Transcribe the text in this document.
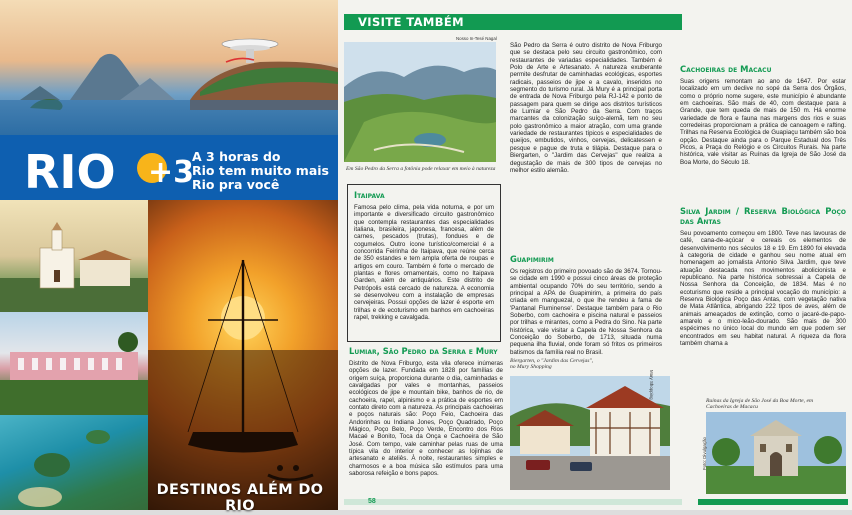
RIO +3
A 3 horas do
Rio tem muito mais
Rio pra você
DESTINOS ALÉM DO RIO
VISITE TAMBÉM
Nosso In-Tesé Nagal
Em São Pedro da Serra a fotônia pode relaxar em meio à natureza
Itaipava
Famosa pelo clima, pela vida noturna, e por um importante e diversificado circuito gastronômico que contempla restaurantes das especialidades italiana, brasileira, japonesa, francesa, além de carnes, pescados (trutas), fondues e de cogumelos. Outro ícone turístico/comercial é a concorrida Feirinha de Itaipava, que reúne cerca de 350 estandes e tem ampla oferta de roupas e artigos em couro. Também é forte o mercado de plantas e flores ornamentais, como no Itaipava Garden, além de antiquários. Este distrito de Petrópolis está cercado de natureza. A economia se desenvolveu com a instalação de empresas cervejeiras. Possui opções de lazer é esporte em trilhas e de ecoturismo em banhos em cachoeiras rapel, trekking e cavalgada.
Lumiar, São Pedro da Serra e Mury

Distrito de Nova Friburgo, esta vila oferece inúmeras opções de lazer. Fundada em 1828 por famílias de origem suíça, proporciona durante o dia, caminhadas e cavalgadas por vales e montanhas, passeios ecológicos de jipe e mountain bike, banhos de rio, de cachoeira, rapel, alpinismo e a prática de esportes em contato direto com a natureza. As principais cachoeiras e poços naturais são: Poço Feio, Cachoeira das Andorinhas ou Indiana Jones, Poço Quadrado, Poço Mágico, Poço Belo, Poço Verde, Encontro dos Rios Macaé e Bonito, Toca da Onça e Cachoeira de São José. Com tempo, vale caminhar pelas ruas de uma típica vila do interior e conhecer as lojinhas de artesanato e ateliês. À noite, restaurantes simples e charmosos e a boa música são estímulos para uma saborosa refeição e bons papos.

São Pedro da Serra é outro distrito de Nova Friburgo que se destaca pelo seu circuito gastronômico, com restaurantes de variadas especialidades. Também é Polo de Arte e Artesanato. A natureza exuberante permite desfrutar de caminhadas ecológicas, esportes radicais, passeios de jipe e a cavalo, inseridos no segmento do turismo rural. Já Mury é a principal porta de entrada de Nova Friburgo pela RJ-142 e ponto de passagem para quem se dirige aos distritos turísticos de Lumiar e São Pedro da Serra. Com traços marcantes da colonização suíço-alemã, tem no seu polo gastronômico a maior atração, com uma grande variedade de restaurantes típicos e especialidades de queijos, embutidos, vinhos, cervejas, delicatessen e pesque e pague de truta e tilápia. Destaque para o Biergarten, o "Jardim das Cervejas" que realiza a degustação de mais de 300 tipos de cervejas no melhor estilo alemão.

Guapimirim

Os registros do primeiro povoado são de 3674. Tornou-se cidade em 1990 e possui cinco áreas de proteção ambiental ocupando 70% do seu território, sendo a principal a APA de Guapimirim, a primeira do país criada em manguezal, o que lhe rendeu a fama de 'Pantanal Fluminense'. Destaque também para o Rio Soberbo, com cachoeira e piscina natural e passeios por trilhas e mirantes, como a Pedra do Sino. Na parte histórica, vale visitar a Capela de Nossa Senhora da Conceição do Soberbo, de 1713, situada numa pequena ilha fluvial, onde foram só fritos os primeiros batismos da família real no Brasil.

Biergarten, o "Jardim das Cervejas", no Mury Shopping
Mary Shopping
Cachoeiras de Macacu

Suas origens remontam ao ano de 1647. Por estar localizado em um declive no sopé da Serra dos Órgãos, como o próprio nome sugere, este município é abundante em cachoeiras. São mais de 40, com destaque para a Grande, que tem queda de mais de 150 m. Há enorme variedade de flora e fauna nas margens dos rios e suas corredeiras proporcionam a prática de canoagem e rafting. Trilhas na Reserva Ecológica de Guapiaçu também são boa opção. Destaque ainda para o Parque Estadual dos Três Picos, a Praça do Relógio e os Circuitos Rurais. Na parte histórica, vale visitar as Ruínas da Igreja de São José da Boa Morte, do Século 18.

Silva Jardim / Reserva Biológica Poço das Antas

Seu povoamento começou em 1800. Teve nas lavouras de café, cana-de-açúcar e cereais os elementos de desenvolvimento nos séculos 18 e 19. Em 1890 foi elevada à categoria de cidade e ganhou seu nome atual em homenagem ao jornalista Antonio Silva Jardim, que teve atuação destacada nos movimentos abolicionista e republicano. Na parte histórica sobressai a Capela de Nossa Senhora da Conceição, de 1834. Mas é no ecoturismo que reside a principal vocação do município: a Reserva Biológica Poço das Antas, com vegetação nativa de Mata Atlântica, abrigando 222 tipos de aves, além de animais ameaçados de extinção, como o jacaré-de-papo-amarelo e o mico-leão-dourado. São mais de 300 espécimes no único local do mundo em que podem ser encontrados em seu habitat natural. A riqueza da flora também chama a

Ruínas da Igreja de São José da Boa Morte, em Cachoeiras de Macacu
Foto: Divulgação
58
